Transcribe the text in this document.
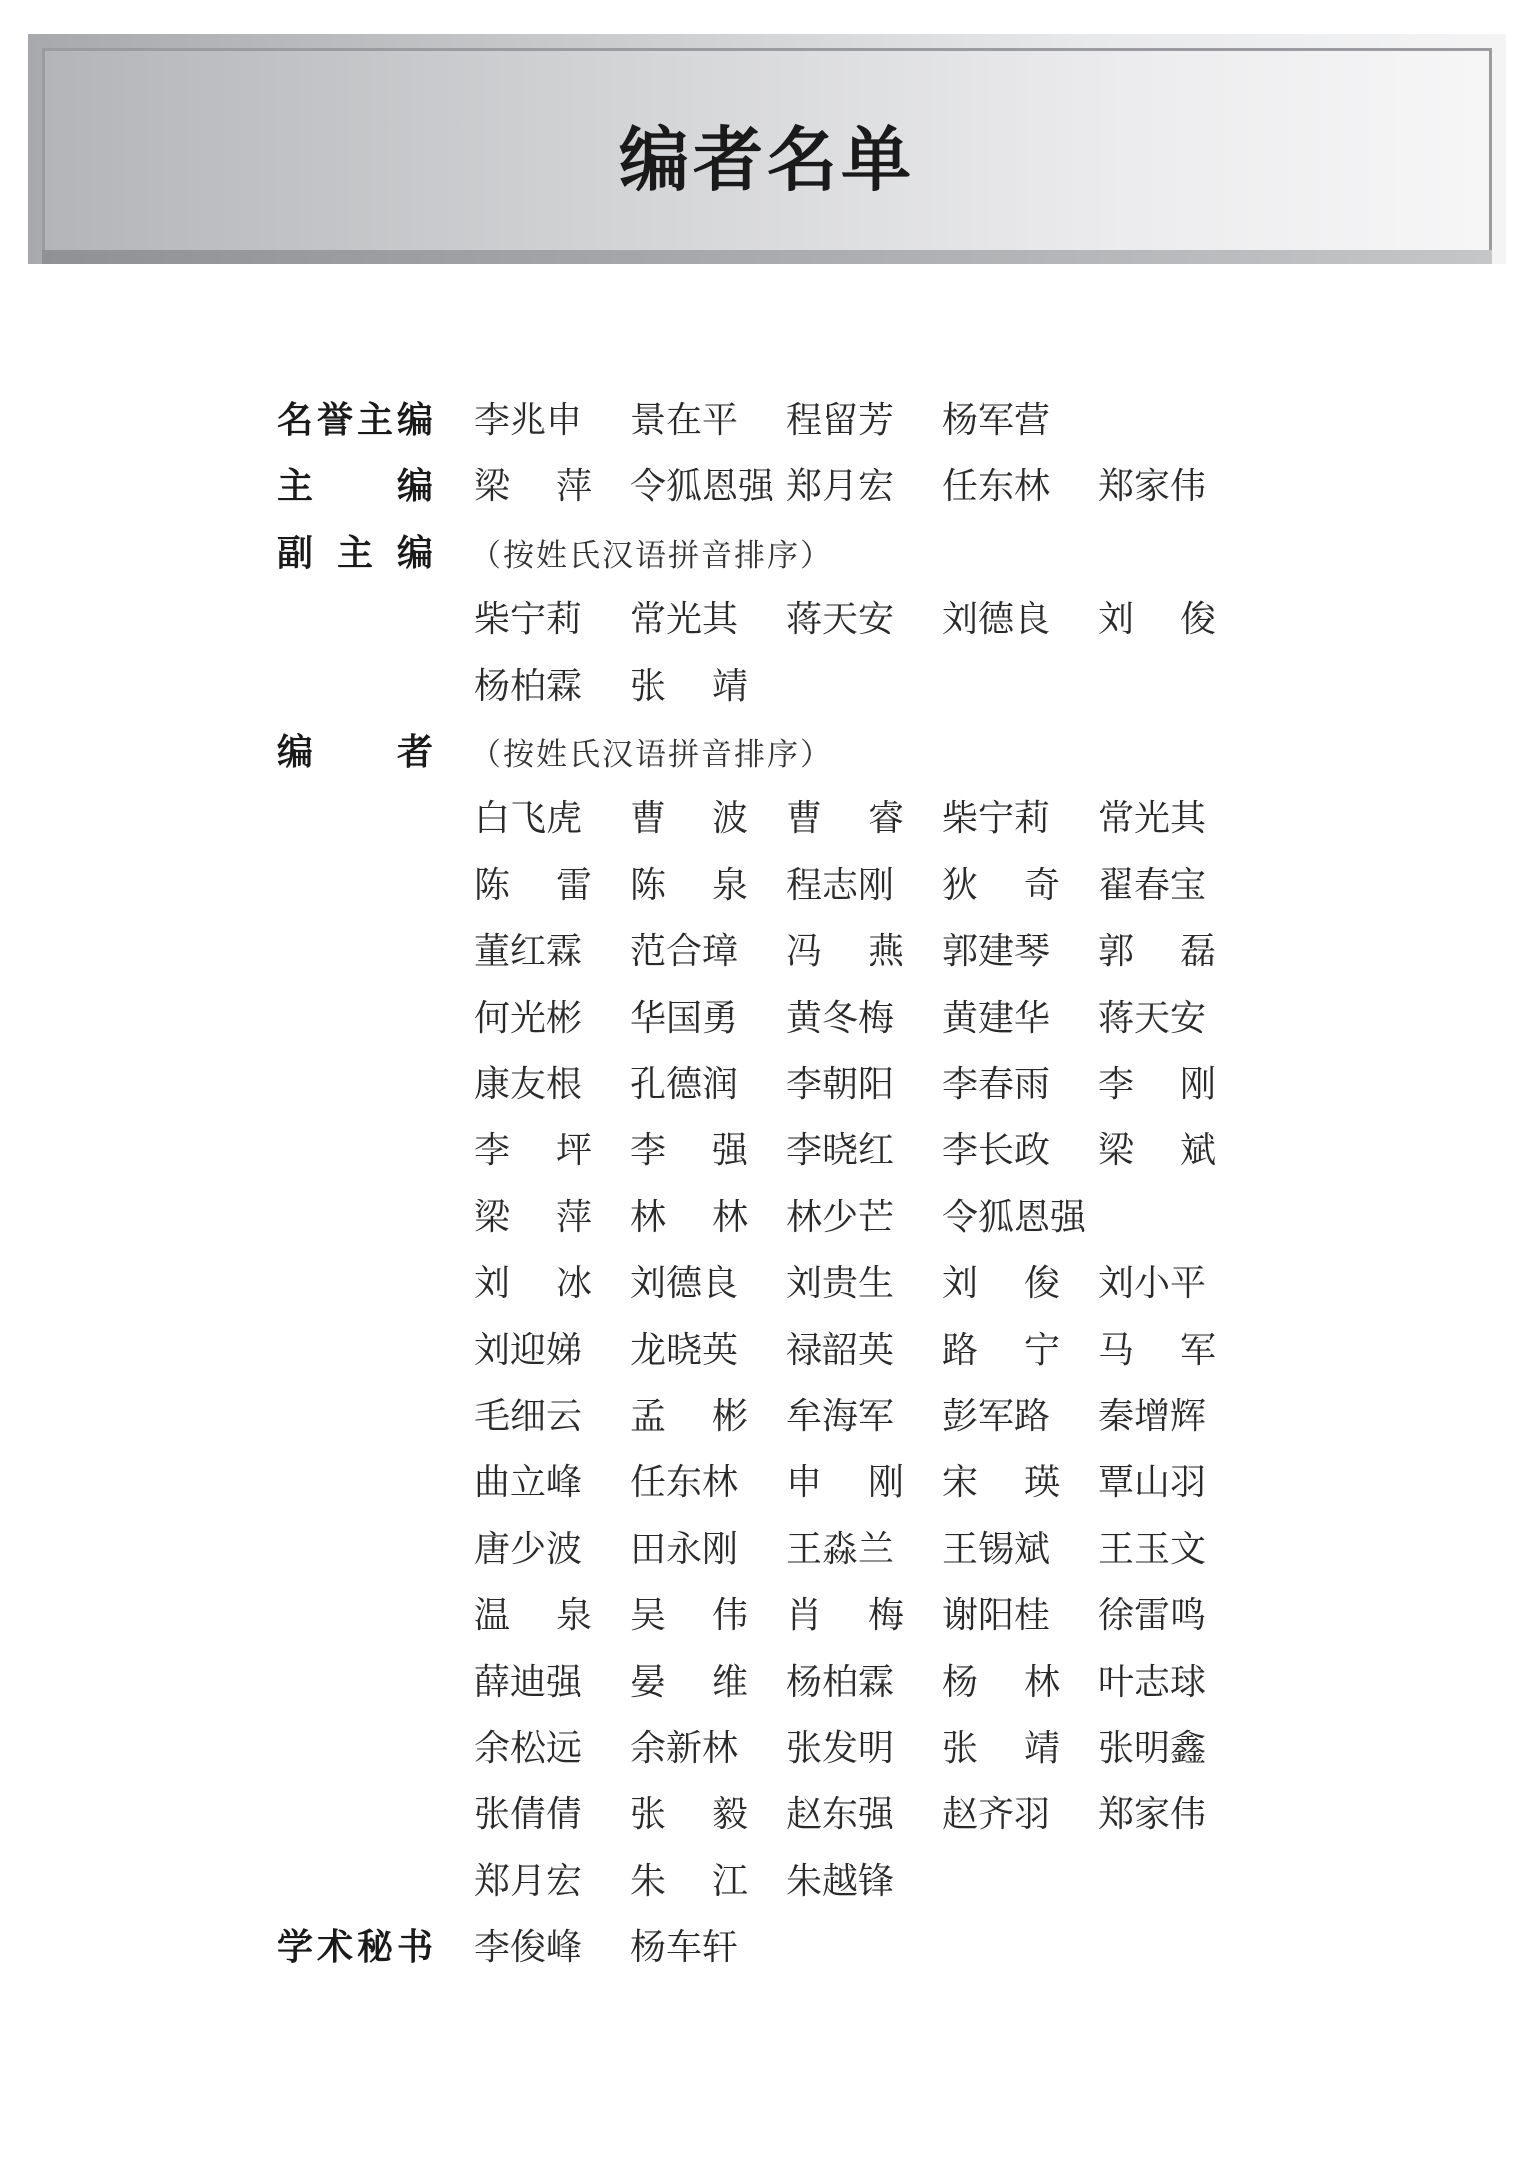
编者名单
名 誉 主 编 李兆申 景在平 程留芳 杨军营
主 编 梁 萍 令狐恩强 郑月宏 任东林 郑家伟
副 主 编 （按姓氏汉语拼音排序）
柴宁莉 常光其 蒋天安 刘德良 刘 俊
杨柏霖 张 靖
编 者 （按姓氏汉语拼音排序）
白飞虎 曹 波 曹 睿 柴宁莉 常光其
陈 雷 陈 泉 程志刚 狄 奇 翟春宝
董红霖 范合璋 冯 燕 郭建琴 郭 磊
何光彬 华国勇 黄冬梅 黄建华 蒋天安
康友根 孔德润 李朝阳 李春雨 李 刚
李 坪 李 强 李晓红 李长政 梁 斌
梁 萍 林 林 林少芒 令狐恩强
刘 冰 刘德良 刘贵生 刘 俊 刘小平
刘迎娣 龙晓英 禄韶英 路 宁 马 军
毛细云 孟 彬 牟海军 彭军路 秦增辉
曲立峰 任东林 申 刚 宋 瑛 覃山羽
唐少波 田永刚 王淼兰 王锡斌 王玉文
温 泉 吴 伟 肖 梅 谢阳桂 徐雷鸣
薛迪强 晏 维 杨柏霖 杨 林 叶志球
余松远 余新林 张发明 张 靖 张明鑫
张倩倩 张 毅 赵东强 赵齐羽 郑家伟
郑月宏 朱 江 朱越锋
学 术 秘 书 李俊峰 杨车轩
